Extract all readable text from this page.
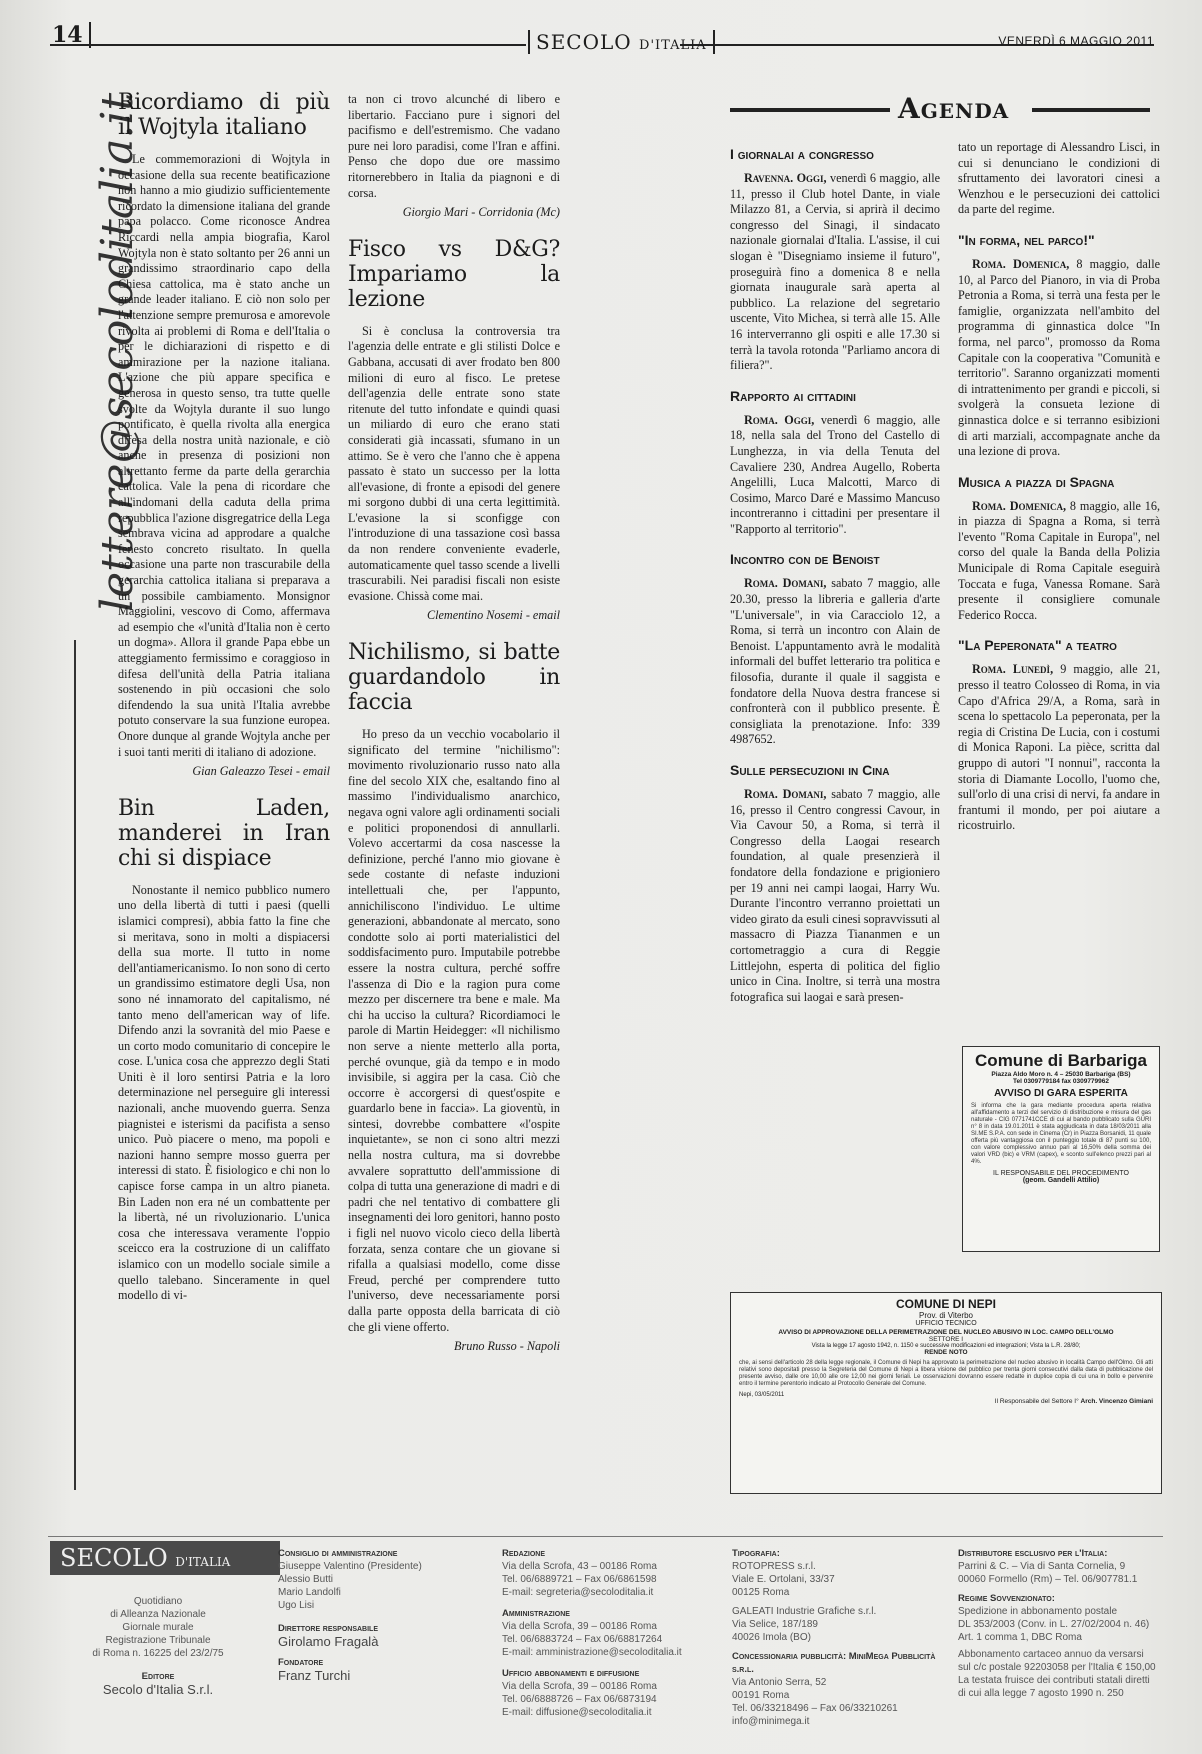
14	SECOLO D'ITALIA	VENERDÌ 6 MAGGIO 2011
lettere@secoloditalia.it
Ricordiamo di più il Wojtyla italiano

Le commemorazioni di Wojtyla in occasione della sua recente beatificazione non hanno a mio giudizio sufficientemente ricordato la dimensione italiana del grande papa polacco. Come riconosce Andrea Riccardi nella ampia biografia, Karol Wojtyla non è stato soltanto per 26 anni un grandissimo straordinario capo della Chiesa cattolica, ma è stato anche un grande leader italiano. E ciò non solo per l'attenzione sempre premurosa e amorevole rivolta ai problemi di Roma e dell'Italia o per le dichiarazioni di rispetto e di ammirazione per la nazione italiana. L'azione che più appare specifica e generosa in questo senso, tra tutte quelle svolte da Wojtyla durante il suo lungo pontificato, è quella rivolta alla energica difesa della nostra unità nazionale, e ciò anche in presenza di posizioni non altrettanto ferme da parte della gerarchia cattolica. Vale la pena di ricordare che all'indomani della caduta della prima repubblica l'azione disgregatrice della Lega sembrava vicina ad approdare a qualche fenesto concreto risultato. In quella occasione una parte non trascurabile della gerarchia cattolica italiana si preparava a un possibile cambiamento. Monsignor Maggiolini, vescovo di Como, affermava ad esempio che «l'unità d'Italia non è certo un dogma». Allora il grande Papa ebbe un atteggiamento fermissimo e coraggioso in difesa dell'unità della Patria italiana sostenendo in più occasioni che solo difendendo la sua unità l'Italia avrebbe potuto conservare la sua funzione europea. Onore dunque al grande Wojtyla anche per i suoi tanti meriti di italiano di adozione.

Gian Galeazzo Tesei - email
Bin Laden, manderei in Iran chi si dispiace

Nonostante il nemico pubblico numero uno della libertà di tutti i paesi (quelli islamici compresi), abbia fatto la fine che si meritava, sono in molti a dispiacersi della sua morte. Il tutto in nome dell'antiamericanismo. Io non sono di certo un grandissimo estimatore degli Usa, non sono né innamorato del capitalismo, né tanto meno dell'american way of life. Difendo anzi la sovranità del mio Paese e un corto modo comunitario di concepire le cose. L'unica cosa che apprezzo degli Stati Uniti è il loro sentirsi Patria e la loro determinazione nel perseguire gli interessi nazionali, anche muovendo guerra. Senza piagnistei e isterismi da pacifista a senso unico. Può piacere o meno, ma popoli e nazioni hanno sempre mosso guerra per interessi di stato. È fisiologico e chi non lo capisce forse campa in un altro pianeta. Bin Laden non era né un combattente per la libertà, né un rivoluzionario. L'unica cosa che interessava veramente l'oppio sceicco era la costruzione di un califfato islamico con un modello sociale simile a quello talebano. Sinceramente in quel modello di vi-

ta non ci trovo alcunché di libero e libertario. Facciano pure i signori del pacifismo e dell'estremismo. Che vadano pure nei loro paradisi, come l'Iran e affini. Penso che dopo due ore massimo ritornerebbero in Italia da piagnoni e di corsa.

Giorgio Mari - Corridonia (Mc)
Fisco vs D&G? Impariamo la lezione

Si è conclusa la controversia tra l'agenzia delle entrate e gli stilisti Dolce e Gabbana, accusati di aver frodato ben 800 milioni di euro al fisco. Le pretese dell'agenzia delle entrate sono state ritenute del tutto infondate e quindi quasi un miliardo di euro che erano stati considerati già incassati, sfumano in un attimo. Se è vero che l'anno che è appena passato è stato un successo per la lotta all'evasione, di fronte a episodi del genere mi sorgono dubbi di una certa legittimità. L'evasione la si sconfigge con l'introduzione di una tassazione così bassa da non rendere conveniente evaderle, automaticamente quel tasso scende a livelli trascurabili. Nei paradisi fiscali non esiste evasione. Chissà come mai.

Clementino Nosemi - email
Nichilismo, si batte guardandolo in faccia

Ho preso da un vecchio vocabolario il significato del termine "nichilismo": movimento rivoluzionario russo nato alla fine del secolo XIX che, esaltando fino al massimo l'individualismo anarchico, negava ogni valore agli ordinamenti sociali e politici proponendosi di annullarli. Volevo accertarmi da cosa nascesse la definizione, perché l'anno mio giovane è sede costante di nefaste induzioni intellettuali che, per l'appunto, annichiliscono l'individuo. Le ultime generazioni, abbandonate al mercato, sono condotte solo ai porti materialistici del soddisfacimento puro. Imputabile potrebbe essere la nostra cultura, perché soffre l'assenza di Dio e la ragion pura come mezzo per discernere tra bene e male. Ma chi ha ucciso la cultura? Ricordiamoci le parole di Martin Heidegger: «Il nichilismo non serve a niente metterlo alla porta, perché ovunque, già da tempo e in modo invisibile, si aggira per la casa. Ciò che occorre è accorgersi di quest'ospite e guardarlo bene in faccia». La gioventù, in sintesi, dovrebbe combattere «l'ospite inquietante», se non ci sono altri mezzi nella nostra cultura, ma si dovrebbe avvalere soprattutto dell'ammissione di colpa di tutta una generazione di madri e di padri che nel tentativo di combattere gli insegnamenti dei loro genitori, hanno posto i figli nel nuovo vicolo cieco della libertà forzata, senza contare che un giovane si rifalla a qualsiasi modello, come disse Freud, perché per comprendere tutto l'universo, deve necessariamente porsi dalla parte opposta della barricata di ciò che gli viene offerto.

Bruno Russo - Napoli
Agenda
I giornalai a congresso

Ravenna. Oggi, venerdì 6 maggio, alle 11, presso il Club hotel Dante, in viale Milazzo 81, a Cervia, si aprirà il decimo congresso del Sinagi, il sindacato nazionale giornalai d'Italia. L'assise, il cui slogan è "Disegniamo insieme il futuro", proseguirà fino a domenica 8 e nella giornata inaugurale sarà aperta al pubblico. La relazione del segretario uscente, Vito Michea, si terrà alle 15. Alle 16 interverranno gli ospiti e alle 17.30 si terrà la tavola rotonda "Parliamo ancora di filiera?".

Rapporto ai cittadini

Roma. Oggi, venerdì 6 maggio, alle 18, nella sala del Trono del Castello di Lunghezza, in via della Tenuta del Cavaliere 230, Andrea Augello, Roberta Angelilli, Luca Malcotti, Marco di Cosimo, Marco Daré e Massimo Mancuso incontreranno i cittadini per presentare il "Rapporto al territorio".

Incontro con de Benoist

Roma. Domani, sabato 7 maggio, alle 20.30, presso la libreria e galleria d'arte "L'universale", in via Caracciolo 12, a Roma, si terrà un incontro con Alain de Benoist. L'appuntamento avrà le modalità informali del buffet letterario tra politica e filosofia, durante il quale il saggista e fondatore della Nuova destra francese si confronterà con il pubblico presente. È consigliata la prenotazione. Info: 339 4987652.

Sulle persecuzioni in Cina

Roma. Domani, sabato 7 maggio, alle 16, presso il Centro congressi Cavour, in Via Cavour 50, a Roma, si terrà il Congresso della Laogai research foundation, al quale presenzierà il fondatore della fondazione e prigioniero per 19 anni nei campi laogai, Harry Wu. Durante l'incontro verranno proiettati un video girato da esuli cinesi sopravvissuti al massacro di Piazza Tiananmen e un cortometraggio a cura di Reggie Littlejohn, esperta di politica del figlio unico in Cina. Inoltre, si terrà una mostra fotografica sui laogai e sarà presen-

tato un reportage di Alessandro Lisci, in cui si denunciano le condizioni di sfruttamento dei lavoratori cinesi a Wenzhou e le persecuzioni dei cattolici da parte del regime.

"In forma, nel parco!"

Roma. Domenica, 8 maggio, dalle 10, al Parco del Pianoro, in via di Proba Petronia a Roma, si terrà una festa per le famiglie, organizzata nell'ambito del programma di ginnastica dolce "In forma, nel parco", promosso da Roma Capitale con la cooperativa "Comunità e territorio". Saranno organizzati momenti di intrattenimento per grandi e piccoli, si svolgerà la consueta lezione di ginnastica dolce e si terranno esibizioni di arti marziali, accompagnate anche da una lezione di prova.

Musica a piazza di Spagna

Roma. Domenica, 8 maggio, alle 16, in piazza di Spagna a Roma, si terrà l'evento "Roma Capitale in Europa", nel corso del quale la Banda della Polizia Municipale di Roma Capitale eseguirà Toccata e fuga, Vanessa Romane. Sarà presente il consigliere comunale Federico Rocca.

"La Peperonata" a teatro

Roma. Lunedì, 9 maggio, alle 21, presso il teatro Colosseo di Roma, in via Capo d'Africa 29/A, a Roma, sarà in scena lo spettacolo La peperonata, per la regia di Cristina De Lucia, con i costumi di Monica Raponi. La pièce, scritta dal gruppo di autori "I nonnui", racconta la storia di Diamante Locollo, l'uomo che, sull'orlo di una crisi di nervi, fa andare in frantumi il mondo, per poi aiutare a ricostruirlo.

Comune di Barbariga
Piazza Aldo Moro n. 4 – 25030 Barbariga (BS)
Tel 0309779184 fax 0309779962
AVVISO DI GARA ESPERITA
Si informa che la gara mediante procedura aperta relativa all'affidamento a terzi del servizio di distribuzione e misura del gas naturale - CIG 0771741CCE di cui al bando pubblicato sulla GURI n° 8 in data 19.01.2011 è stata aggiudicata in data 18/03/2011 alla SI.ME S.P.A. con sede in Cinema (Cr) in Piazza Borsanidi, 11 quale offerta più vantaggiosa con il punteggio totale di 87 punti su 100, con valore complessivo annuo pari al 16,50% della somma dei valori VRD (bic) e VRM (capex), e sconto sull'elenco prezzi pari al 4%.
IL RESPONSABILE DEL PROCEDIMENTO
(geom. Gandelli Attilio)
COMUNE DI NEPI
Prov. di Viterbo
UFFICIO TECNICO
AVVISO DI APPROVAZIONE DELLA PERIMETRAZIONE DEL NUCLEO ABUSIVO IN LOC. CAMPO DELL'OLMO
SETTORE I
Vista la legge 17 agosto 1942, n. 1150 e successive modificazioni ed integrazioni; Vista la L.R. 28/80;
RENDE NOTO
che, ai sensi dell'articolo 28 della legge regionale, il Comune di Nepi ha approvato la perimetrazione del nucleo abusivo in località Campo dell'Olmo. Gli atti relativi sono depositati presso la Segreteria del Comune di Nepi a libera visione del pubblico per trenta giorni consecutivi dalla data di pubblicazione del presente avviso, dalle ore 10,00 alle ore 12,00 nei giorni feriali. Le osservazioni dovranno essere redatte in duplice copia di cui una in bollo e pervenire entro il termine perentorio indicato al Protocollo Generale del Comune.
Nepi, 03/05/2011
Il Responsabile del Settore I° Arch. Vincenzo Gimiani
SECOLO D'ITALIA
Quotidiano
di Alleanza Nazionale
Giornale murale
Registrazione Tribunale
di Roma n. 16225 del 23/2/75
Editore
Secolo d'Italia S.r.l.
Consiglio di amministrazione
Giuseppe Valentino (Presidente)
Alessio Butti
Mario Landolfi
Ugo Lisi
Direttore responsabile
Girolamo Fragalà
Fondatore
Franz Turchi
Redazione
Via della Scrofa, 43 – 00186 Roma
Tel. 06/6889721 – Fax 06/6861598
E-mail: segreteria@secoloditalia.it
Amministrazione
Via della Scrofa, 39 – 00186 Roma
Tel. 06/6883724 – Fax 06/68817264
E-mail: amministrazione@secoloditalia.it
Ufficio abbonamenti e diffusione
Via della Scrofa, 39 – 00186 Roma
Tel. 06/6888726 – Fax 06/6873194
E-mail: diffusione@secoloditalia.it
Tipografia:
ROTOPRESS s.r.l.
Viale E. Ortolani, 33/37
00125 Roma
GALEATI Industrie Grafiche s.r.l.
Via Selice, 187/189
40026 Imola (BO)
Concessionaria pubblicità: MiniMega Pubblicità s.r.l.
Via Antonio Serra, 52
00191 Roma
Tel. 06/33218496 – Fax 06/33210261
info@minimega.it
Distributore esclusivo per l'Italia:
Parrini & C. – Via di Santa Cornelia, 9
00060 Formello (Rm) – Tel. 06/907781.1
Regime Sovvenzionato:
Spedizione in abbonamento postale
DL 353/2003 (Conv. in L. 27/02/2004 n. 46)
Art. 1 comma 1, DBC Roma
Abbonamento cartaceo annuo da versarsi
sul c/c postale 92203058 per l'Italia € 150,00
La testata fruisce dei contributi statali diretti
di cui alla legge 7 agosto 1990 n. 250
